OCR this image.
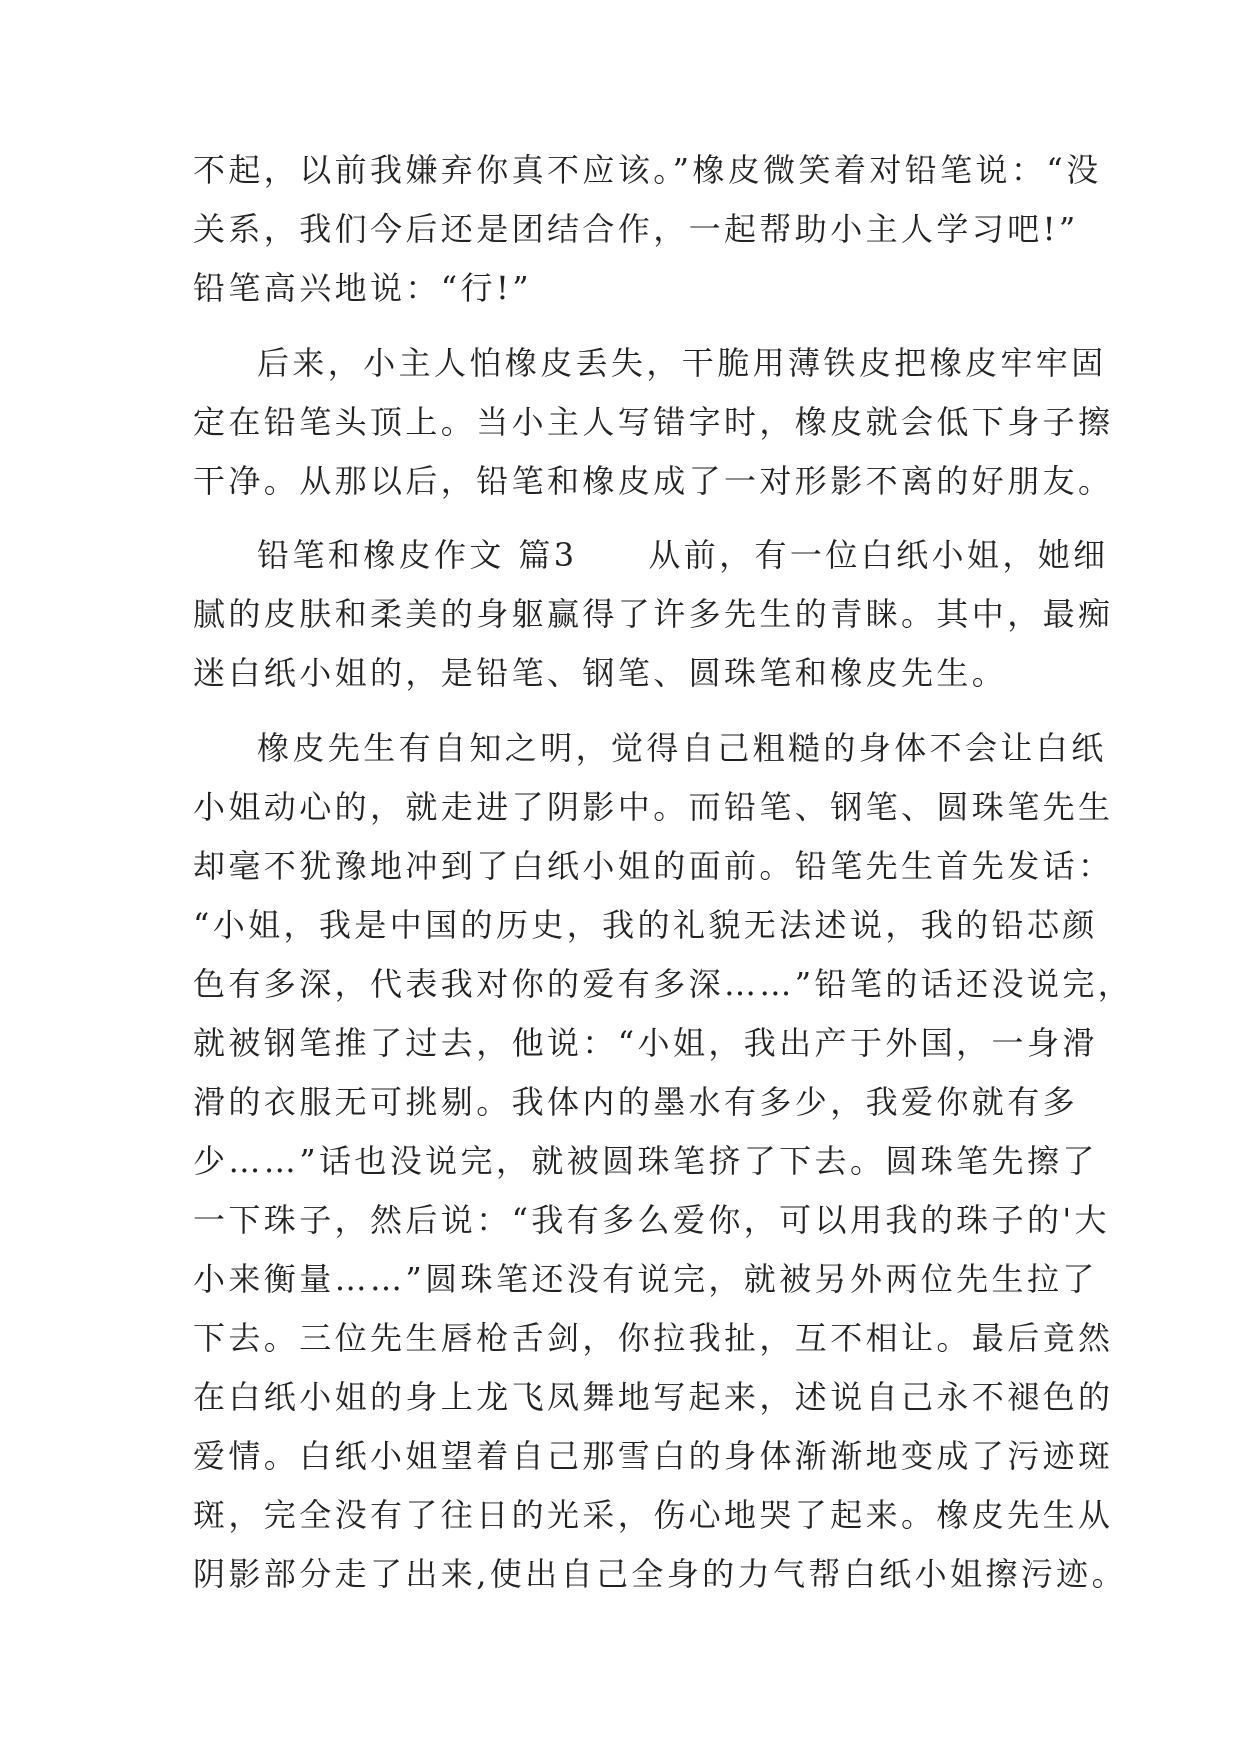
不起，以前我嫌弃你真不应该。”橡皮微笑着对铅笔说：“没
关系，我们今后还是团结合作，一起帮助小主人学习吧!”
铅笔高兴地说：“行!”
后来，小主人怕橡皮丢失，干脆用薄铁皮把橡皮牢牢固
定在铅笔头顶上。当小主人写错字时，橡皮就会低下身子擦
干净。从那以后，铅笔和橡皮成了一对形影不离的好朋友。
铅笔和橡皮作文 篇3　　从前，有一位白纸小姐，她细
腻的皮肤和柔美的身躯赢得了许多先生的青睐。其中，最痴
迷白纸小姐的，是铅笔、钢笔、圆珠笔和橡皮先生。
橡皮先生有自知之明，觉得自己粗糙的身体不会让白纸
小姐动心的，就走进了阴影中。而铅笔、钢笔、圆珠笔先生
却毫不犹豫地冲到了白纸小姐的面前。铅笔先生首先发话：
“小姐，我是中国的历史，我的礼貌无法述说，我的铅芯颜
色有多深，代表我对你的爱有多深……”铅笔的话还没说完，
就被钢笔推了过去，他说：“小姐，我出产于外国，一身滑
滑的衣服无可挑剔。我体内的墨水有多少，我爱你就有多
少……”话也没说完，就被圆珠笔挤了下去。圆珠笔先擦了
一下珠子，然后说：“我有多么爱你，可以用我的珠子的'大
小来衡量……”圆珠笔还没有说完，就被另外两位先生拉了
下去。三位先生唇枪舌剑，你拉我扯，互不相让。最后竟然
在白纸小姐的身上龙飞凤舞地写起来，述说自己永不褪色的
爱情。白纸小姐望着自己那雪白的身体渐渐地变成了污迹斑
斑，完全没有了往日的光采，伤心地哭了起来。橡皮先生从
阴影部分走了出来,使出自己全身的力气帮白纸小姐擦污迹。
